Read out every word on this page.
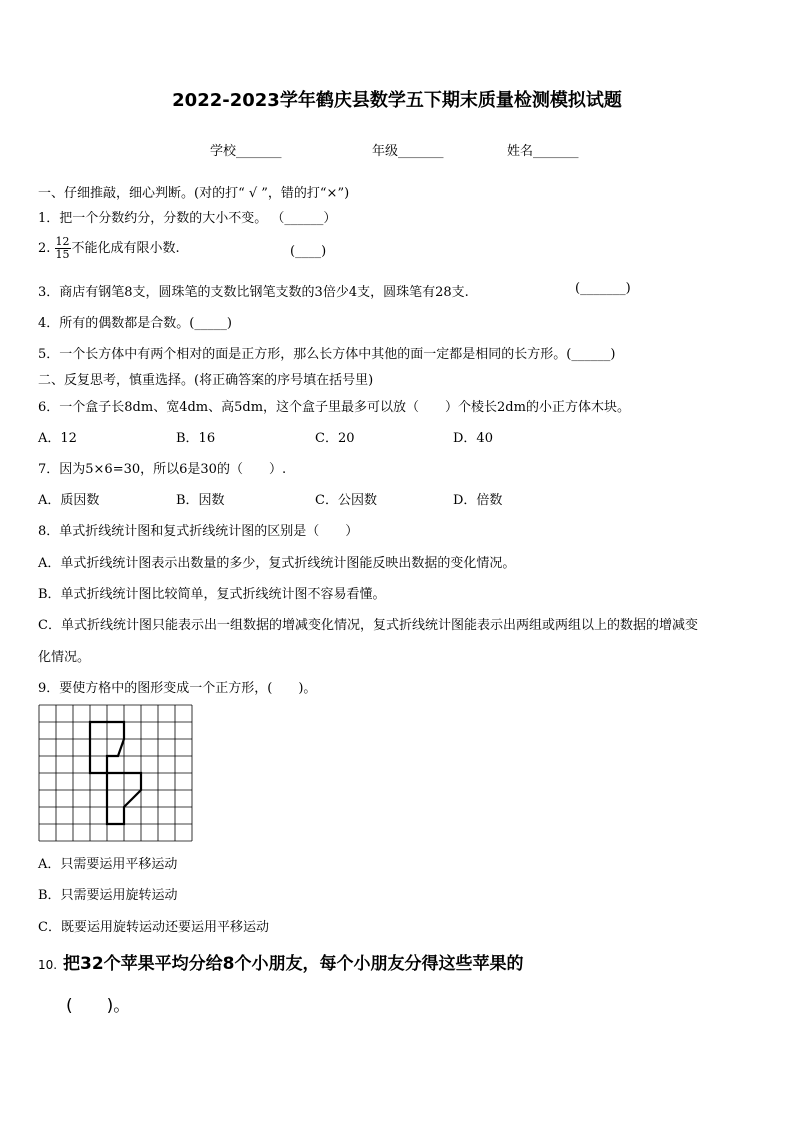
2022-2023学年鹤庆县数学五下期末质量检测模拟试题
学校_______	年级_______	姓名_______
一、仔细推敲，细心判断。(对的打“ √ ”，错的打“×”)
1．把一个分数约分，分数的大小不变。 （______）
2. $\frac{12}{15}$ 不能化成有限小数.	(____)
3．商店有钢笔8支，圆珠笔的支数比钢笔支数的3倍少4支，圆珠笔有28支.	(_______)
4．所有的偶数都是合数。(_____)
5．一个长方体中有两个相对的面是正方形，那么长方体中其他的面一定都是相同的长方形。(______)
二、反复思考，慎重选择。(将正确答案的序号填在括号里)
6．一个盒子长8dm、宽4dm、高5dm，这个盒子里最多可以放（　　）个棱长2dm的小正方体木块。
A．12	B．16	C．20	D．40
7．因为5×6=30，所以6是30的（　　）.
A．质因数	B．因数	C．公因数	D．倍数
8．单式折线统计图和复式折线统计图的区别是（　　）
A．单式折线统计图表示出数量的多少，复式折线统计图能反映出数据的变化情况。
B．单式折线统计图比较简单，复式折线统计图不容易看懂。
C．单式折线统计图只能表示出一组数据的增减变化情况，复式折线统计图能表示出两组或两组以上的数据的增减变
化情况。
9．要使方格中的图形变成一个正方形，(　　)。
A．只需要运用平移运动
B．只需要运用旋转运动
C．既要运用旋转运动还要运用平移运动
10. 把32个苹果平均分给8个小朋友，每个小朋友分得这些苹果的
(　　)。
